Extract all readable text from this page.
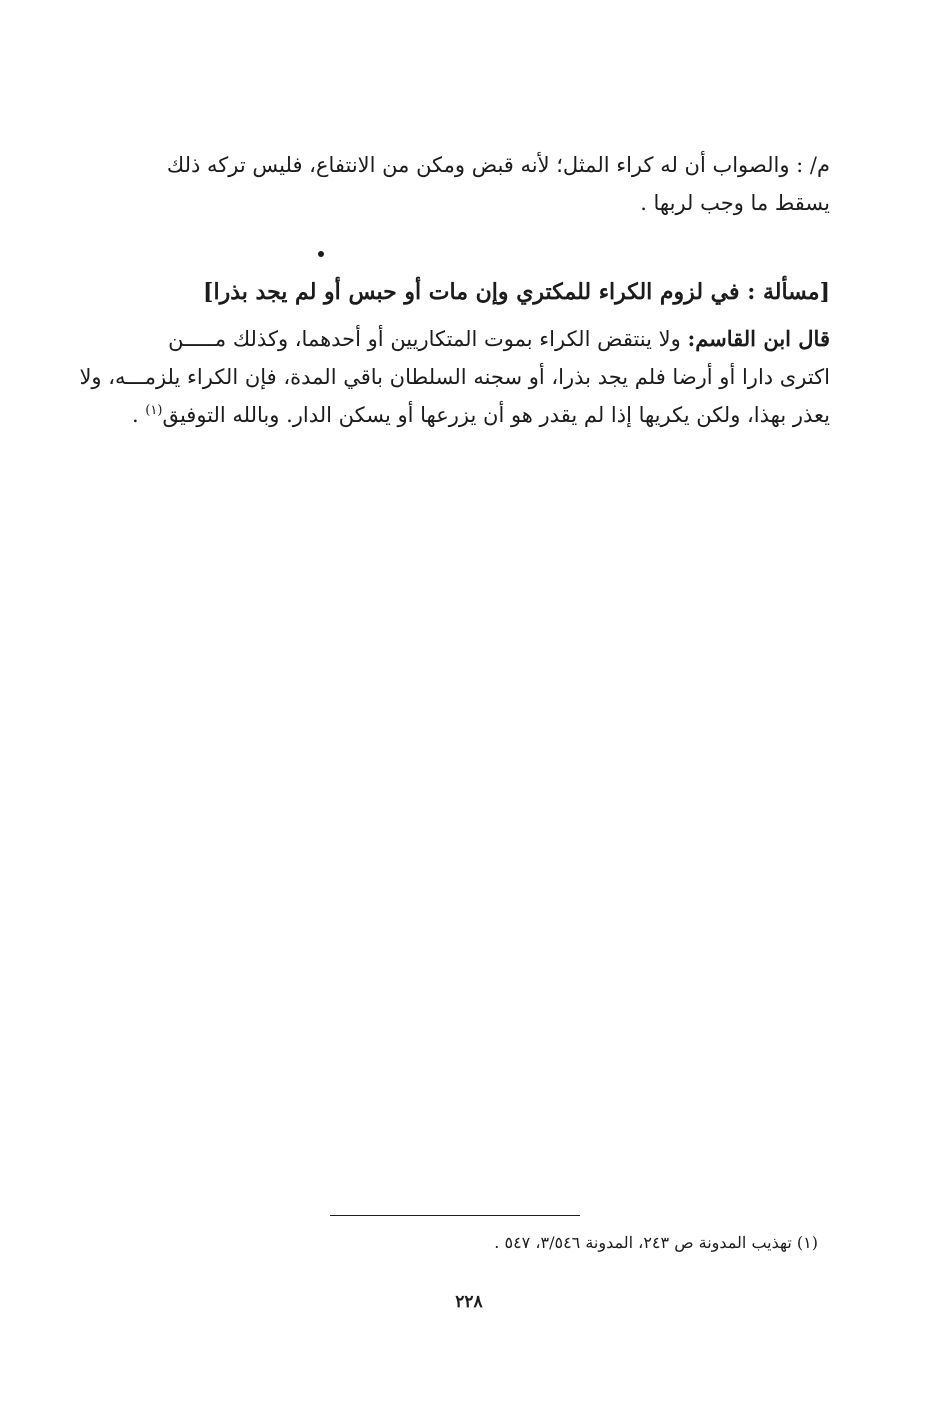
م/ : والصواب أن له كراء المثل؛ لأنه قبض ومكن من الانتفاع، فليس تركه ذلك
يسقط ما وجب لربها .
[مسألة : في لزوم الكراء للمكتري وإن مات أو حبس أو لم يجد بذرا]
قال ابن القاسم: ولا ينتقض الكراء بموت المتكاريين أو أحدهما، وكذلك مـــــن
اكترى دارا أو أرضا فلم يجد بذرا، أو سجنه السلطان باقي المدة، فإن الكراء يلزمـــه، ولا
يعذر بهذا، ولكن يكريها إذا لم يقدر هو أن يزرعها أو يسكن الدار. وبالله التوفيق$^{(١)}$ .
(١) تهذيب المدونة ص ٢٤٣، المدونة ٣/٥٤٦، ٥٤٧ .
٢٢٨
